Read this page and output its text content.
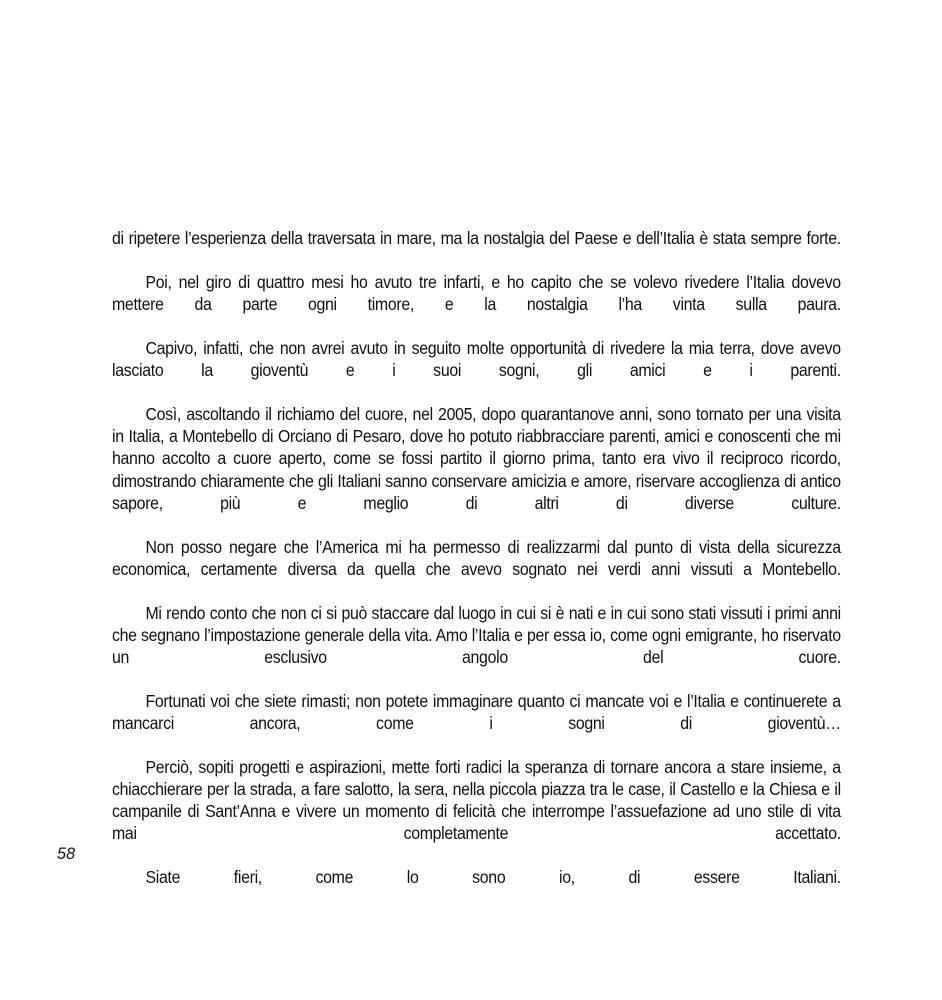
di ripetere l’esperienza della traversata in mare, ma la nostalgia del Paese e dell’Italia è stata sempre forte.

Poi, nel giro di quattro mesi ho avuto tre infarti, e ho capito che se volevo rivedere l’Italia dovevo mettere da parte ogni timore, e la nostalgia l’ha vinta sulla paura.

Capivo, infatti, che non avrei avuto in seguito molte opportunità di rivedere la mia terra, dove avevo lasciato la gioventù e i suoi sogni, gli amici e i parenti.

Così, ascoltando il richiamo del cuore, nel 2005, dopo quarantanove anni, sono tornato per una visita in Italia, a Montebello di Orciano di Pesaro, dove ho potuto riabbracciare parenti, amici e conoscenti che mi hanno accolto a cuore aperto, come se fossi partito il giorno prima, tanto era vivo il reciproco ricordo, dimostrando chiaramente che gli Italiani sanno conservare amicizia e amore, riservare accoglienza di antico sapore, più e meglio di altri di diverse culture.

Non posso negare che l’America mi ha permesso di realizzarmi dal punto di vista della sicurezza economica, certamente diversa da quella che avevo sognato nei verdi anni vissuti a Montebello.

Mi rendo conto che non ci si può staccare dal luogo in cui si è nati e in cui sono stati vissuti i primi anni che segnano l’impostazione generale della vita. Amo l’Italia e per essa io, come ogni emigrante, ho riservato un esclusivo angolo del cuore.

Fortunati voi che siete rimasti; non potete immaginare quanto ci mancate voi e l’Italia e continuerete a mancarci ancora, come i sogni di gioventù…

Perciò, sopiti progetti e aspirazioni, mette forti radici la speranza di tornare ancora a stare insieme, a chiacchierare per la strada, a fare salotto, la sera, nella piccola piazza tra le case, il Castello e la Chiesa e il campanile di Sant’Anna e vivere un momento di felicità che interrompe l’assuefazione ad uno stile di vita mai completamente accettato.

Siate fieri, come lo sono io, di essere Italiani.

58
